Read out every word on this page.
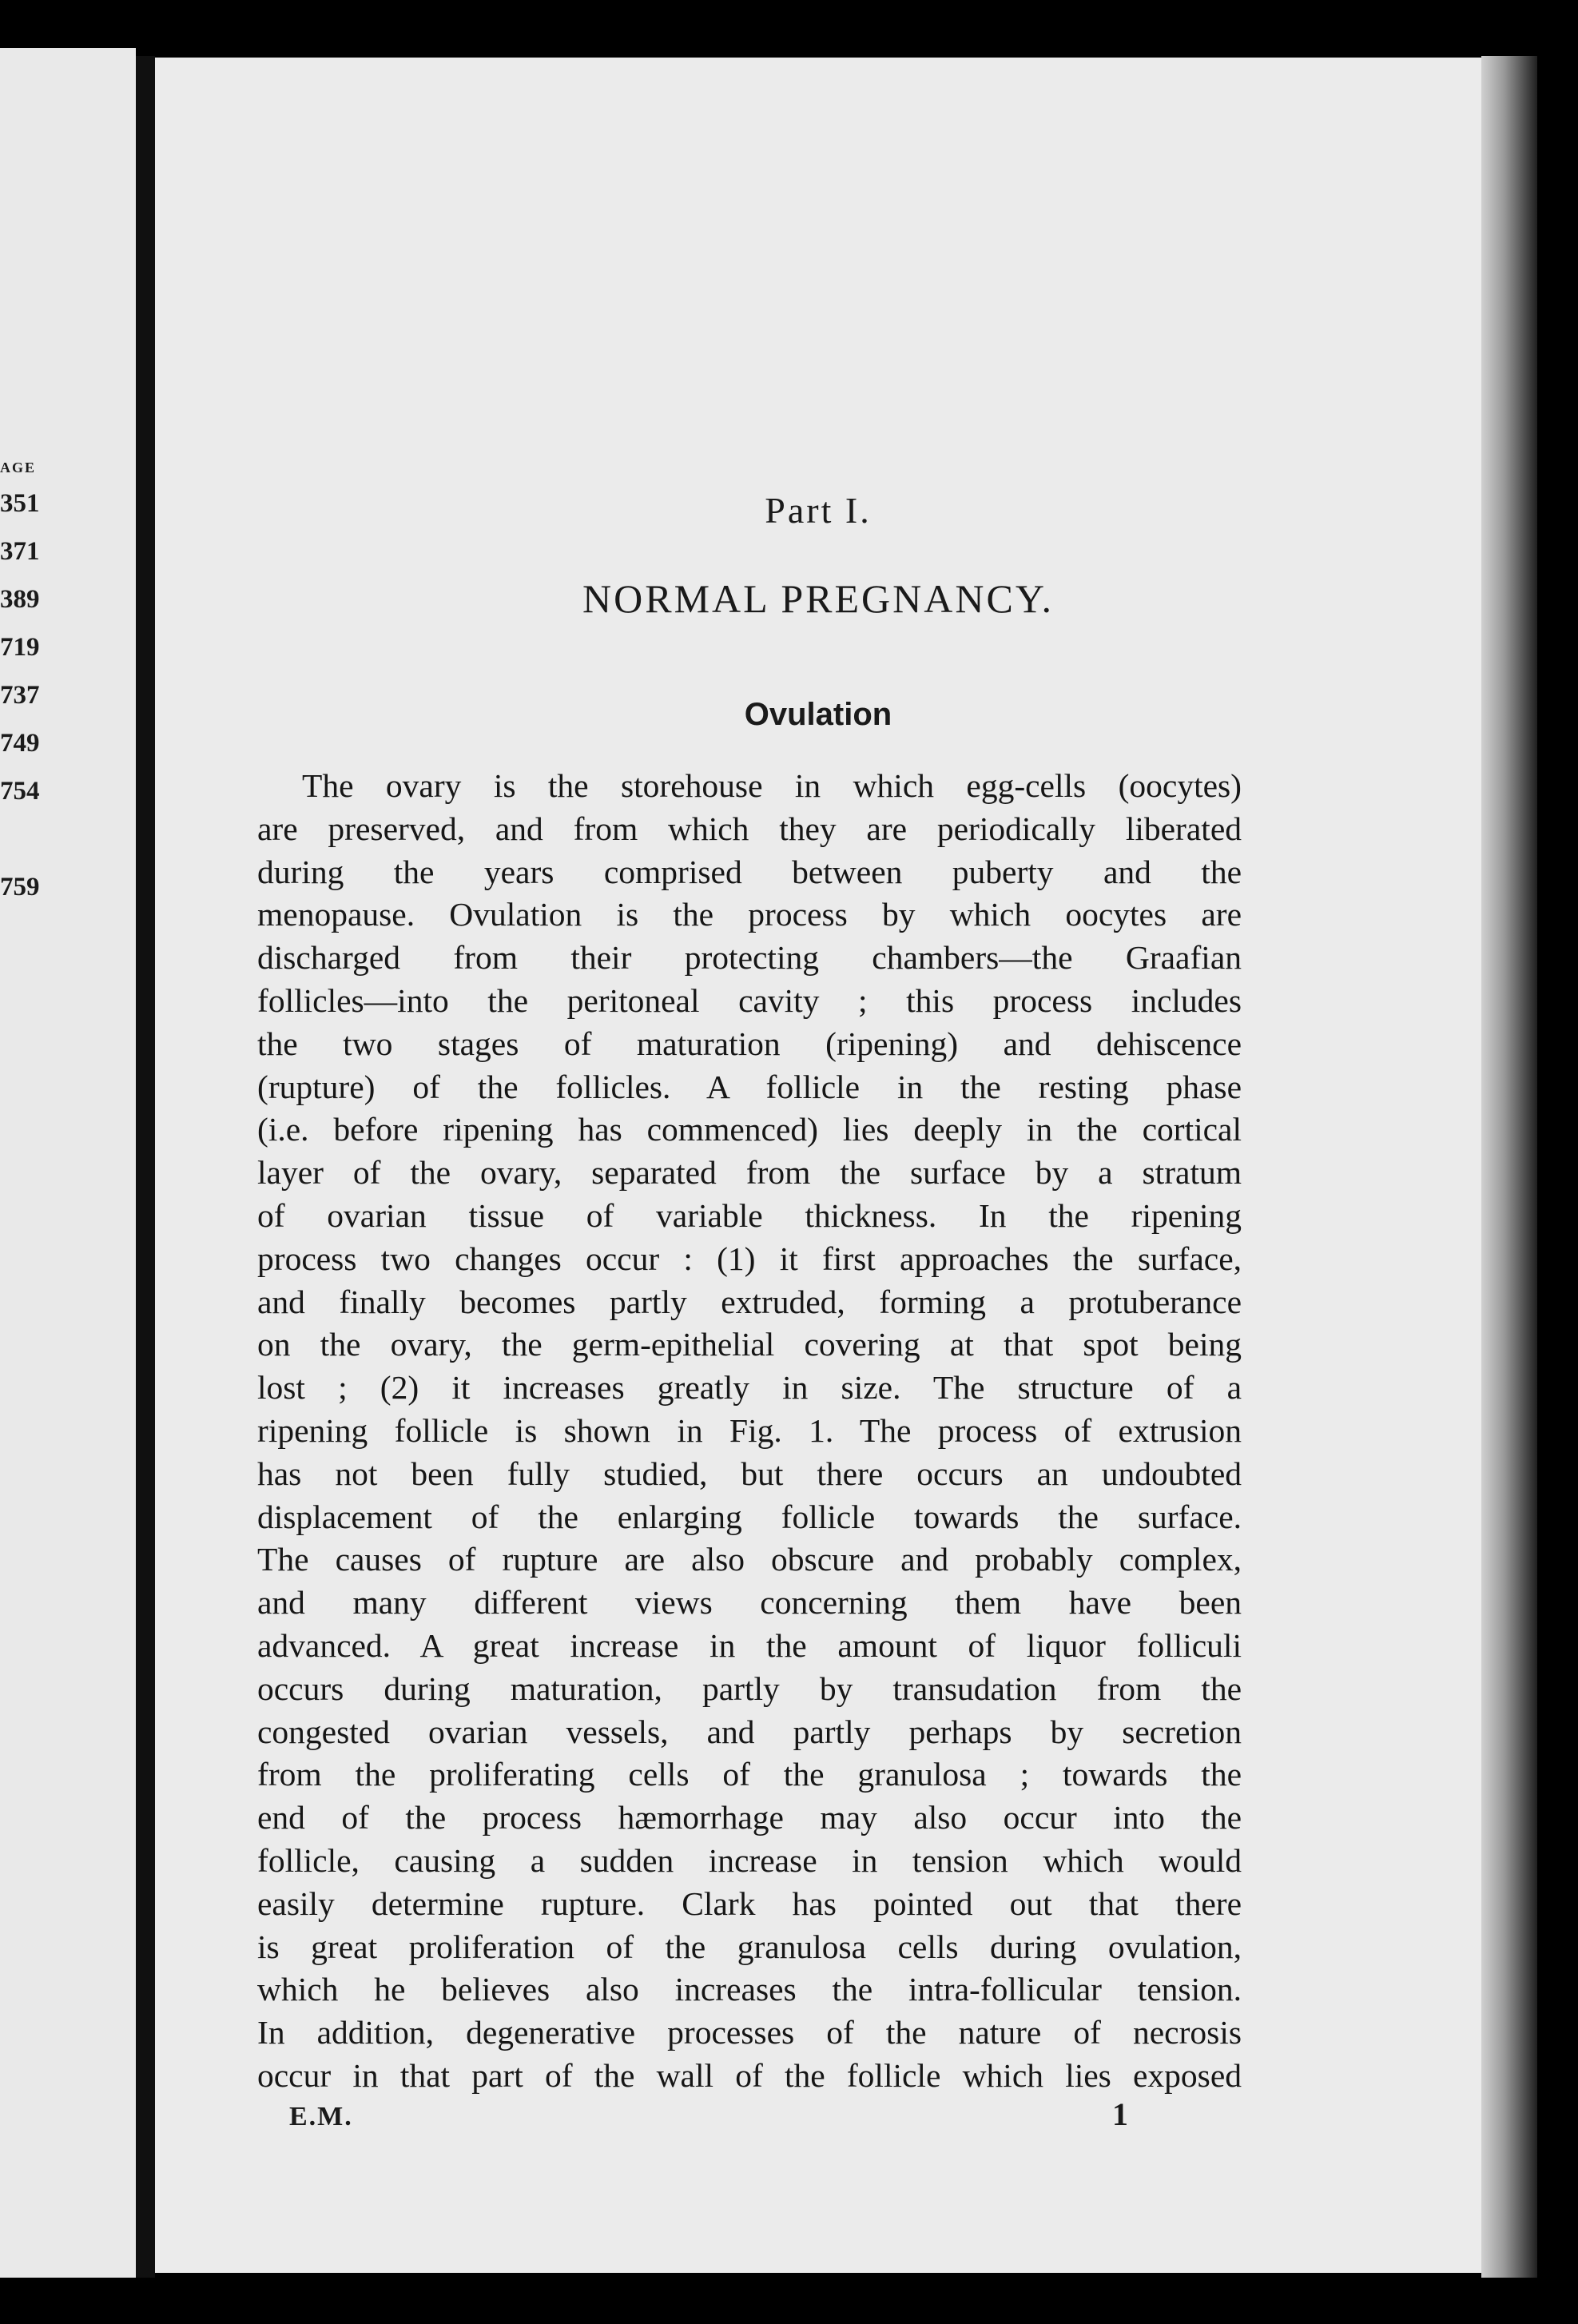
AGE
351
371
389
719
737
749
754
759
Part I.
NORMAL PREGNANCY.
Ovulation
The ovary is the storehouse in which egg-cells (oocytes)
are preserved, and from which they are periodically liberated
during the years comprised between puberty and the
menopause. Ovulation is the process by which oocytes are
discharged from their protecting chambers—the Graafian
follicles—into the peritoneal cavity ; this process includes
the two stages of maturation (ripening) and dehiscence
(rupture) of the follicles. A follicle in the resting phase
(i.e. before ripening has commenced) lies deeply in the cortical
layer of the ovary, separated from the surface by a stratum
of ovarian tissue of variable thickness. In the ripening
process two changes occur : (1) it first approaches the surface,
and finally becomes partly extruded, forming a protuberance
on the ovary, the germ-epithelial covering at that spot being
lost ; (2) it increases greatly in size. The structure of a
ripening follicle is shown in Fig. 1. The process of extrusion
has not been fully studied, but there occurs an undoubted
displacement of the enlarging follicle towards the surface.
The causes of rupture are also obscure and probably complex,
and many different views concerning them have been
advanced. A great increase in the amount of liquor folliculi
occurs during maturation, partly by transudation from the
congested ovarian vessels, and partly perhaps by secretion
from the proliferating cells of the granulosa ; towards the
end of the process hæmorrhage may also occur into the
follicle, causing a sudden increase in tension which would
easily determine rupture. Clark has pointed out that there
is great proliferation of the granulosa cells during ovulation,
which he believes also increases the intra-follicular tension.
In addition, degenerative processes of the nature of necrosis
occur in that part of the wall of the follicle which lies exposed
E.M.	1
